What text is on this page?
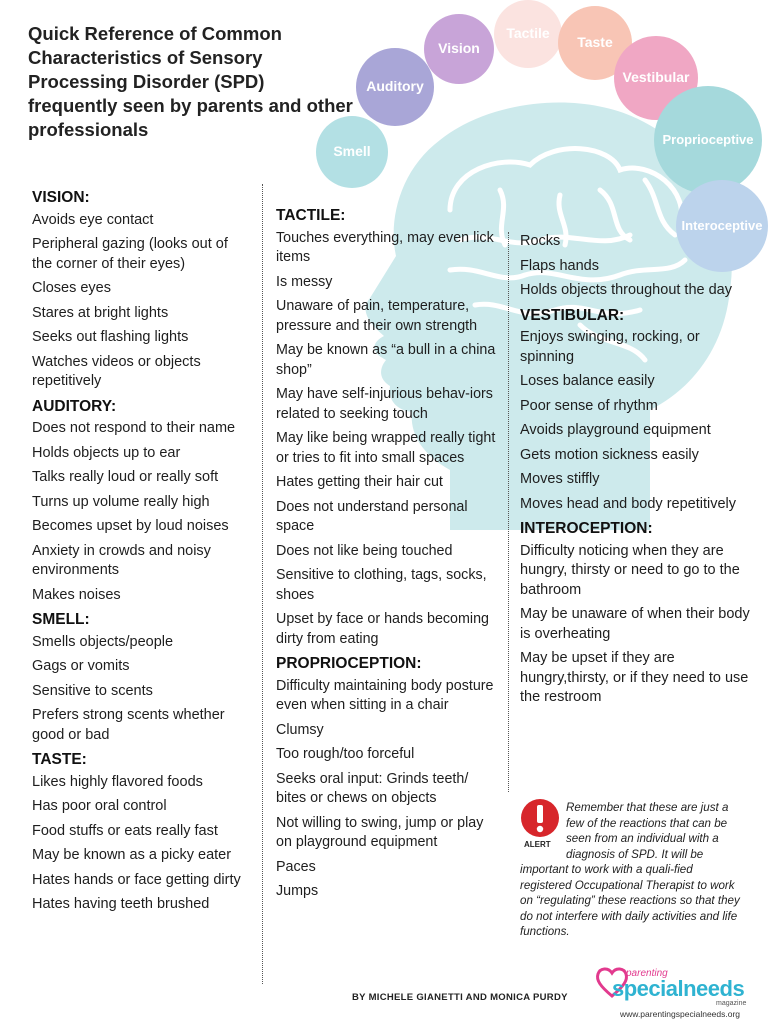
Quick Reference of Common Characteristics of Sensory Processing Disorder (SPD) frequently seen by parents and other professionals
Smell
Auditory
Vision
Tactile
Taste
Vestibular
Proprioceptive
Interoceptive
VISION:
Avoids eye contact
Peripheral gazing (looks out of the corner of their eyes)
Closes eyes
Stares at bright lights
Seeks out flashing lights
Watches videos or objects repetitively
AUDITORY:
Does not respond to their name
Holds objects up to ear
Talks really loud or really soft
Turns up volume really high
Becomes upset by loud noises
Anxiety in crowds and noisy environments
Makes noises
SMELL:
Smells objects/people
Gags or vomits
Sensitive to scents
Prefers strong scents whether good or bad
TASTE:
Likes highly flavored foods
Has poor oral control
Food stuffs or eats really fast
May be known as a picky eater
Hates hands or face getting dirty
Hates having teeth brushed
TACTILE:
Touches everything, may even lick items
Is messy
Unaware of pain, temperature, pressure and their own strength
May be known as “a bull in a china shop”
May have self-injurious behav-iors related to seeking touch
May like being wrapped really tight or tries to fit into small spaces
Hates getting their hair cut
Does not understand personal space
Does not like being touched
Sensitive to clothing, tags, socks, shoes
Upset by face or hands becoming dirty from eating
PROPRIOCEPTION:
Difficulty maintaining body posture even when sitting in a chair
Clumsy
Too rough/too forceful
Seeks oral input: Grinds teeth/ bites or chews on objects
Not willing to swing, jump or play on playground equipment
Paces
Jumps
Rocks
Flaps hands
Holds objects throughout the day
VESTIBULAR:
Enjoys swinging, rocking, or spinning
Loses balance easily
Poor sense of rhythm
Avoids playground equipment
Gets motion sickness easily
Moves stiffly
Moves head and body repetitively
INTEROCEPTION:
Difficulty noticing when they are hungry, thirsty or need to go to the bathroom
May be unaware of when their body is overheating
May be upset if they are hungry,thirsty, or if they need to use the restroom
ALERT
Remember that these are just a few of the reactions that can be seen from an individual with a diagnosis of SPD. It will be important to work with a quali-fied registered Occupational Therapist to work on “regulating” these reactions so that they do not interfere with daily activities and life functions.
BY MICHELE GIANETTI AND MONICA PURDY
parenting
specialneeds
magazine
www.parentingspecialneeds.org
